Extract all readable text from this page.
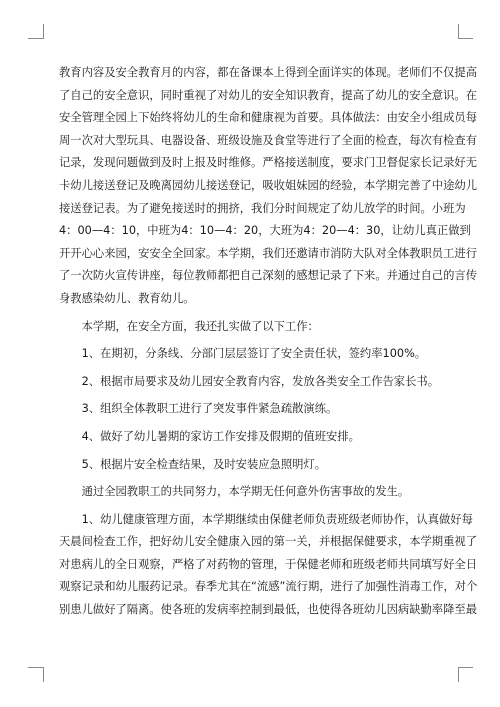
教育内容及安全教育月的内容，都在备课本上得到全面详实的体现。老师们不仅提高
了自己的安全意识，同时重视了对幼儿的安全知识教育，提高了幼儿的安全意识。在
安全管理全园上下始终将幼儿的生命和健康视为首要。具体做法：由安全小组成员每
周一次对大型玩具、电器设备、班级设施及食堂等进行了全面的检查，每次有检查有
记录，发现问题做到及时上报及时维修。严格接送制度，要求门卫督促家长记录好无
卡幼儿接送登记及晚离园幼儿接送登记，吸收姐妹园的经验，本学期完善了中途幼儿
接送登记表。为了避免接送时的拥挤，我们分时间规定了幼儿放学的时间。小班为
4：00—4：10，中班为4：10—4：20，大班为4：20—4：30，让幼儿真正做到
开开心心来园，安安全全回家。本学期，我们还邀请市消防大队对全体教职员工进行
了一次防火宣传讲座，每位教师都把自己深刻的感想记录了下来。并通过自己的言传
身教感染幼儿、教育幼儿。
本学期，在安全方面，我还扎实做了以下工作：
1、在期初，分条线、分部门层层签订了安全责任状，签约率100%。
2、根据市局要求及幼儿园安全教育内容，发放各类安全工作告家长书。
3、组织全体教职工进行了突发事件紧急疏散演练。
4、做好了幼儿暑期的家访工作安排及假期的值班安排。
5、根据片安全检查结果，及时安装应急照明灯。
通过全园教职工的共同努力，本学期无任何意外伤害事故的发生。
1、幼儿健康管理方面，本学期继续由保健老师负责班级老师协作，认真做好每
天晨间检查工作，把好幼儿安全健康入园的第一关，并根据保健要求，本学期重视了
对患病儿的全日观察，严格了对药物的管理，于保健老师和班级老师共同填写好全日
观察记录和幼儿服药记录。春季尤其在“流感”流行期，进行了加强性消毒工作，对个
别患儿做好了隔离。使各班的发病率控制到最低，也使得各班幼儿因病缺勤率降至最
